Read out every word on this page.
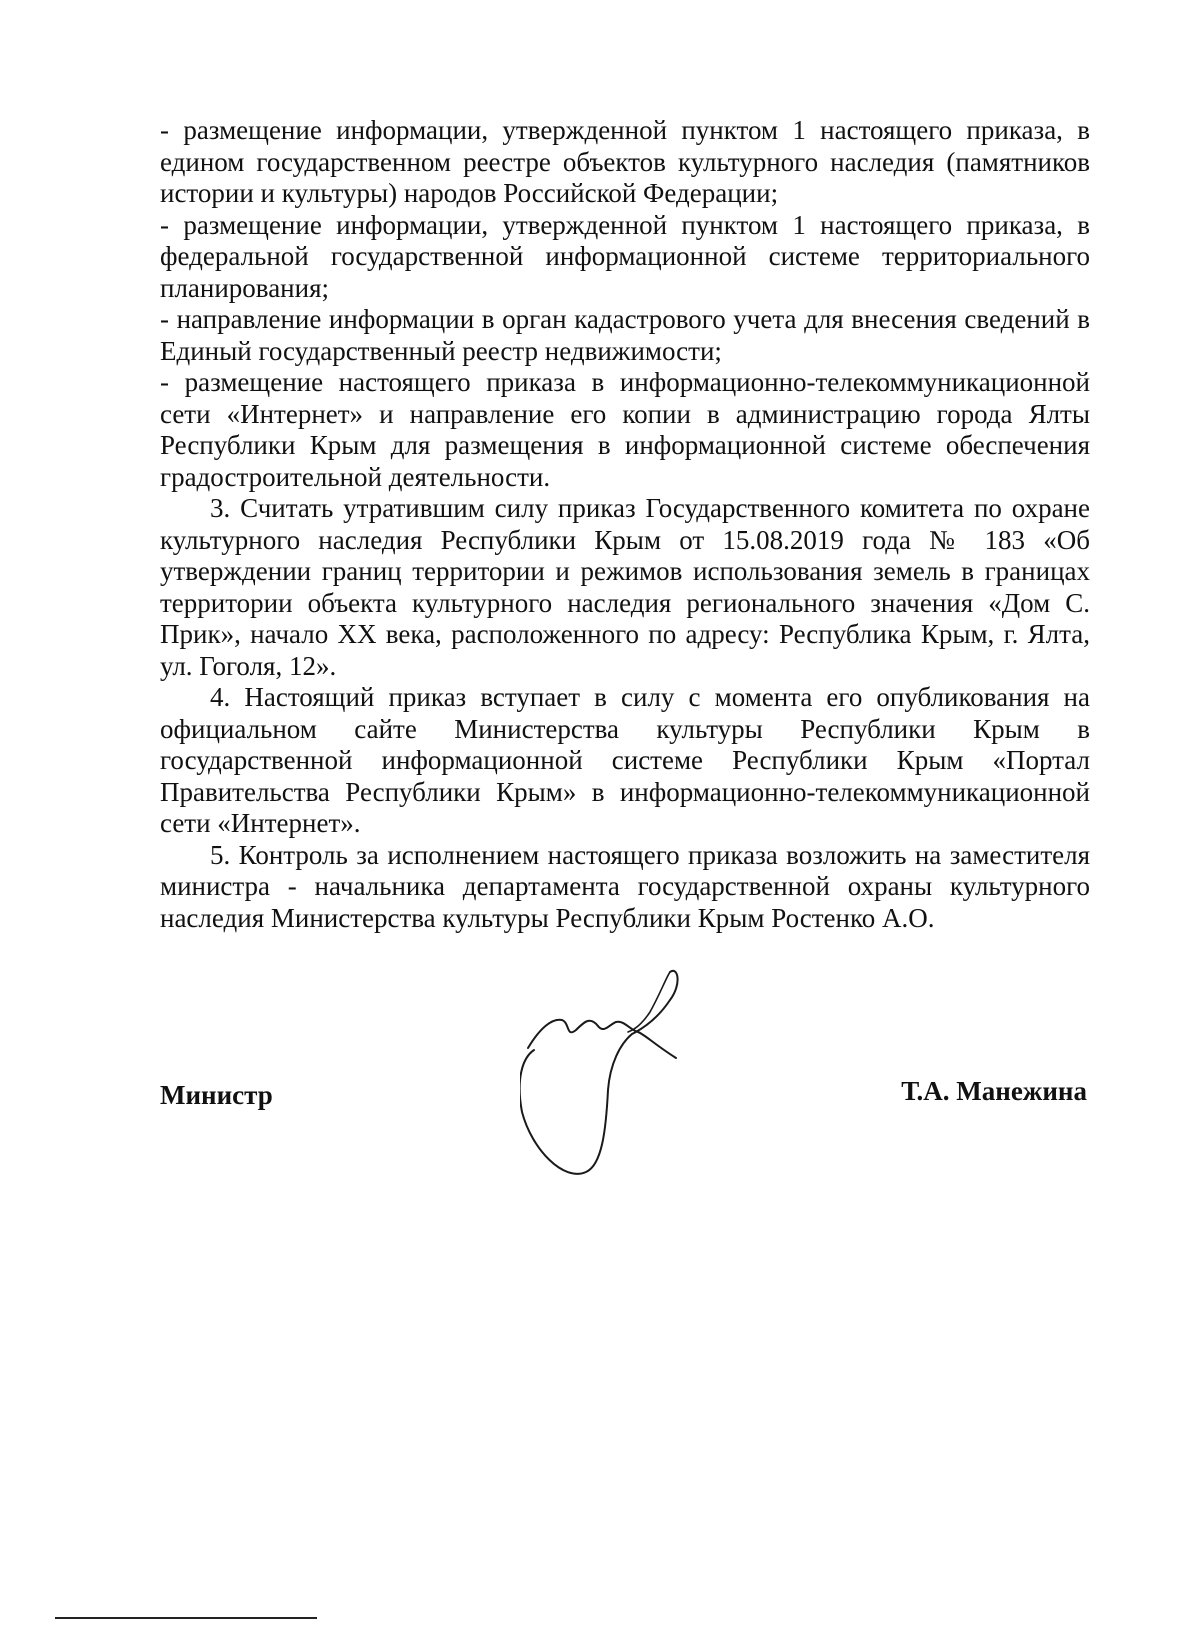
- размещение информации, утвержденной пунктом 1 настоящего приказа, в едином государственном реестре объектов культурного наследия (памятников истории и культуры) народов Российской Федерации;

- размещение информации, утвержденной пунктом 1 настоящего приказа, в федеральной государственной информационной системе территориального планирования;

- направление информации в орган кадастрового учета для внесения сведений в Единый государственный реестр недвижимости;

- размещение настоящего приказа в информационно-телекоммуникационной сети «Интернет» и направление его копии в администрацию города Ялты Республики Крым для размещения в информационной системе обеспечения градостроительной деятельности.

3. Считать утратившим силу приказ Государственного комитета по охране культурного наследия Республики Крым от 15.08.2019 года № 183 «Об утверждении границ территории и режимов использования земель в границах территории объекта культурного наследия регионального значения «Дом С. Прик», начало XX века, расположенного по адресу: Республика Крым, г. Ялта, ул. Гоголя, 12».

4. Настоящий приказ вступает в силу с момента его опубликования на официальном сайте Министерства культуры Республики Крым в государственной информационной системе Республики Крым «Портал Правительства Республики Крым» в информационно-телекоммуникационной сети «Интернет».

5. Контроль за исполнением настоящего приказа возложить на заместителя министра - начальника департамента государственной охраны культурного наследия Министерства культуры Республики Крым Ростенко А.О.

Министр	Т.А. Манежина
